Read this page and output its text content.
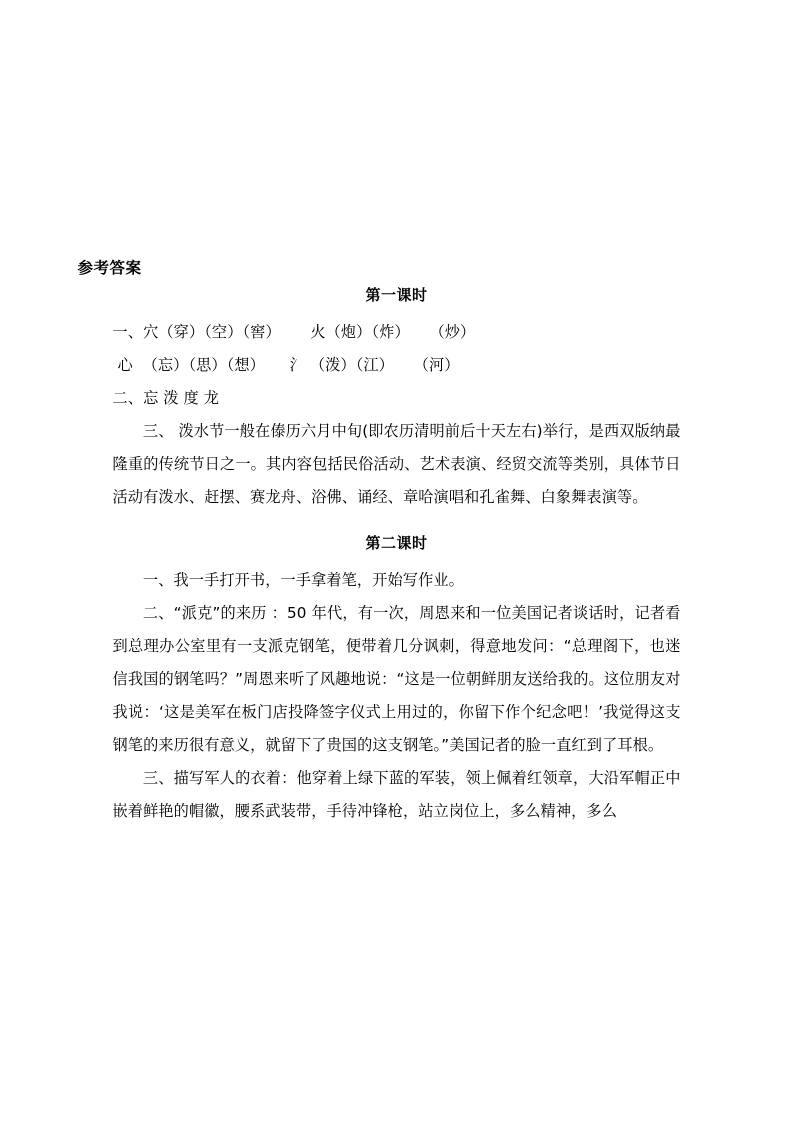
参考答案
第一课时
一、穴（穿）（空）（窖）      火（炮）（炸）    （炒）
心  （忘）（思）（想）     氵 （泼）（江）    （河）
二、忘 泼 度 龙
三、 泼水节一般在傣历六月中旬(即农历清明前后十天左右)举行，是西双版纳最隆重的传统节日之一。其内容包括民俗活动、艺术表演、经贸交流等类别，具体节日活动有泼水、赶摆、赛龙舟、浴佛、诵经、章哈演唱和孔雀舞、白象舞表演等。
第二课时
一、我一手打开书，一手拿着笔，开始写作业。
二、“派克”的来历 ：50 年代，有一次，周恩来和一位美国记者谈话时，记者看到总理办公室里有一支派克钢笔，便带着几分讽刺，得意地发问：“总理阁下，也迷信我国的钢笔吗？”周恩来听了风趣地说：“这是一位朝鲜朋友送给我的。这位朋友对我说：‘这是美军在板门店投降签字仪式上用过的，你留下作个纪念吧！’我觉得这支钢笔的来历很有意义，就留下了贵国的这支钢笔。”美国记者的脸一直红到了耳根。
三、描写军人的衣着：他穿着上绿下蓝的军装，领上佩着红领章，大沿军帽正中嵌着鲜艳的帽徽，腰系武装带，手待冲锋枪，站立岗位上，多么精神，多么
